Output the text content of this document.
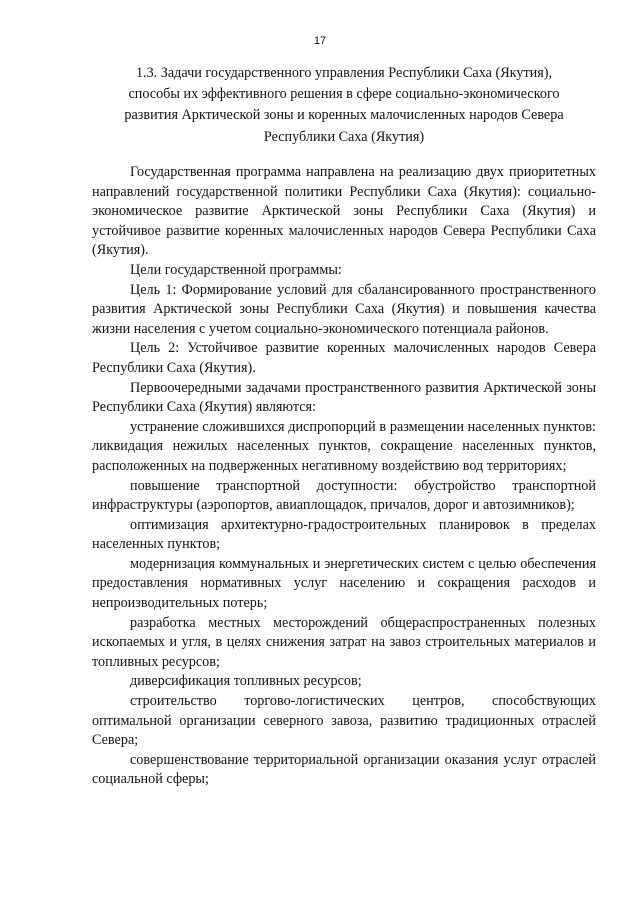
17
1.3. Задачи государственного управления Республики Саха (Якутия),
способы их эффективного решения в сфере социально-экономического
развития Арктической зоны и коренных малочисленных народов Севера
Республики Саха (Якутия)

Государственная программа направлена на реализацию двух приоритетных направлений государственной политики Республики Саха (Якутия): социально-экономическое развитие Арктической зоны Республики Саха (Якутия) и устойчивое развитие коренных малочисленных народов Севера Республики Саха (Якутия).

Цели государственной программы:

Цель 1: Формирование условий для сбалансированного пространственного развития Арктической зоны Республики Саха (Якутия) и повышения качества жизни населения с учетом социально-экономического потенциала районов.

Цель 2: Устойчивое развитие коренных малочисленных народов Севера Республики Саха (Якутия).

Первоочередными задачами пространственного развития Арктической зоны Республики Саха (Якутия) являются:

устранение сложившихся диспропорций в размещении населенных пунктов: ликвидация нежилых населенных пунктов, сокращение населенных пунктов, расположенных на подверженных негативному воздействию вод территориях;

повышение транспортной доступности: обустройство транспортной инфраструктуры (аэропортов, авиаплощадок, причалов, дорог и автозимников);

оптимизация архитектурно-градостроительных планировок в пределах населенных пунктов;

модернизация коммунальных и энергетических систем с целью обеспечения предоставления нормативных услуг населению и сокращения расходов и непроизводительных потерь;

разработка местных месторождений общераспространенных полезных ископаемых и угля, в целях снижения затрат на завоз строительных материалов и топливных ресурсов;

диверсификация топливных ресурсов;

строительство торгово-логистических центров, способствующих оптимальной организации северного завоза, развитию традиционных отраслей Севера;

совершенствование территориальной организации оказания услуг отраслей социальной сферы;
